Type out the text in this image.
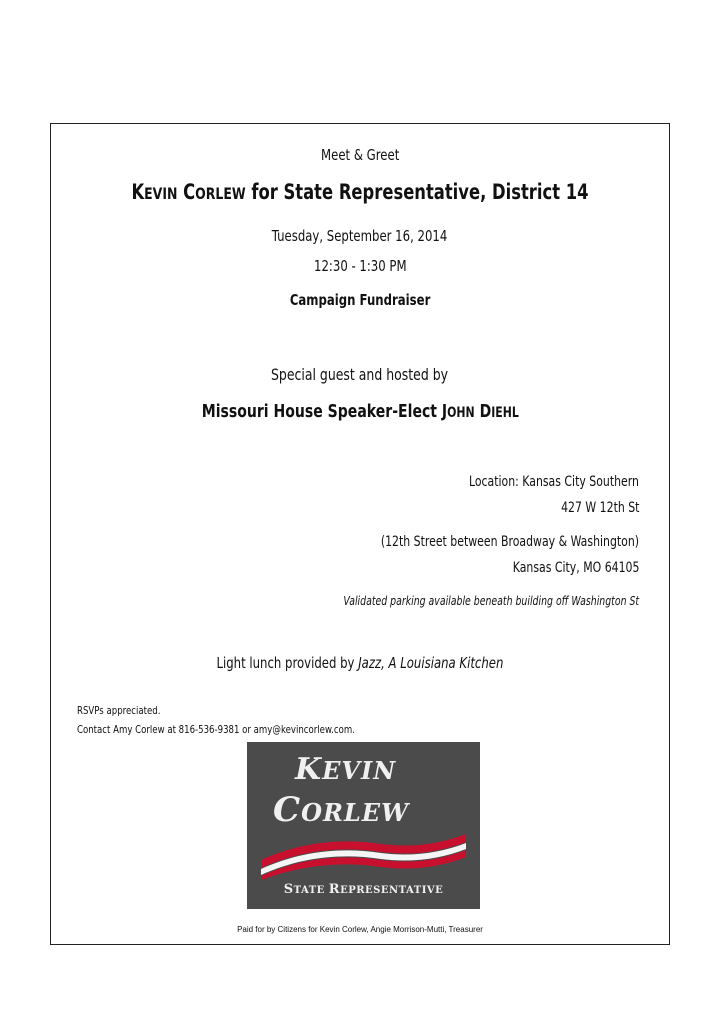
Meet & Greet
KEVIN CORLEW for State Representative, District 14
Tuesday, September 16, 2014
12:30 - 1:30 PM
Campaign Fundraiser
Special guest and hosted by
Missouri House Speaker-Elect JOHN DIEHL
Location: Kansas City Southern
427 W 12th St
(12th Street between Broadway & Washington)
Kansas City, MO 64105
Validated parking available beneath building off Washington St
Light lunch provided by Jazz, A Louisiana Kitchen
RSVPs appreciated.
Contact Amy Corlew at 816-536-9381 or amy@kevincorlew.com.
KEVIN
CORLEW
STATE REPRESENTATIVE
Paid for by Citizens for Kevin Corlew, Angie Morrison-Mutti, Treasurer
